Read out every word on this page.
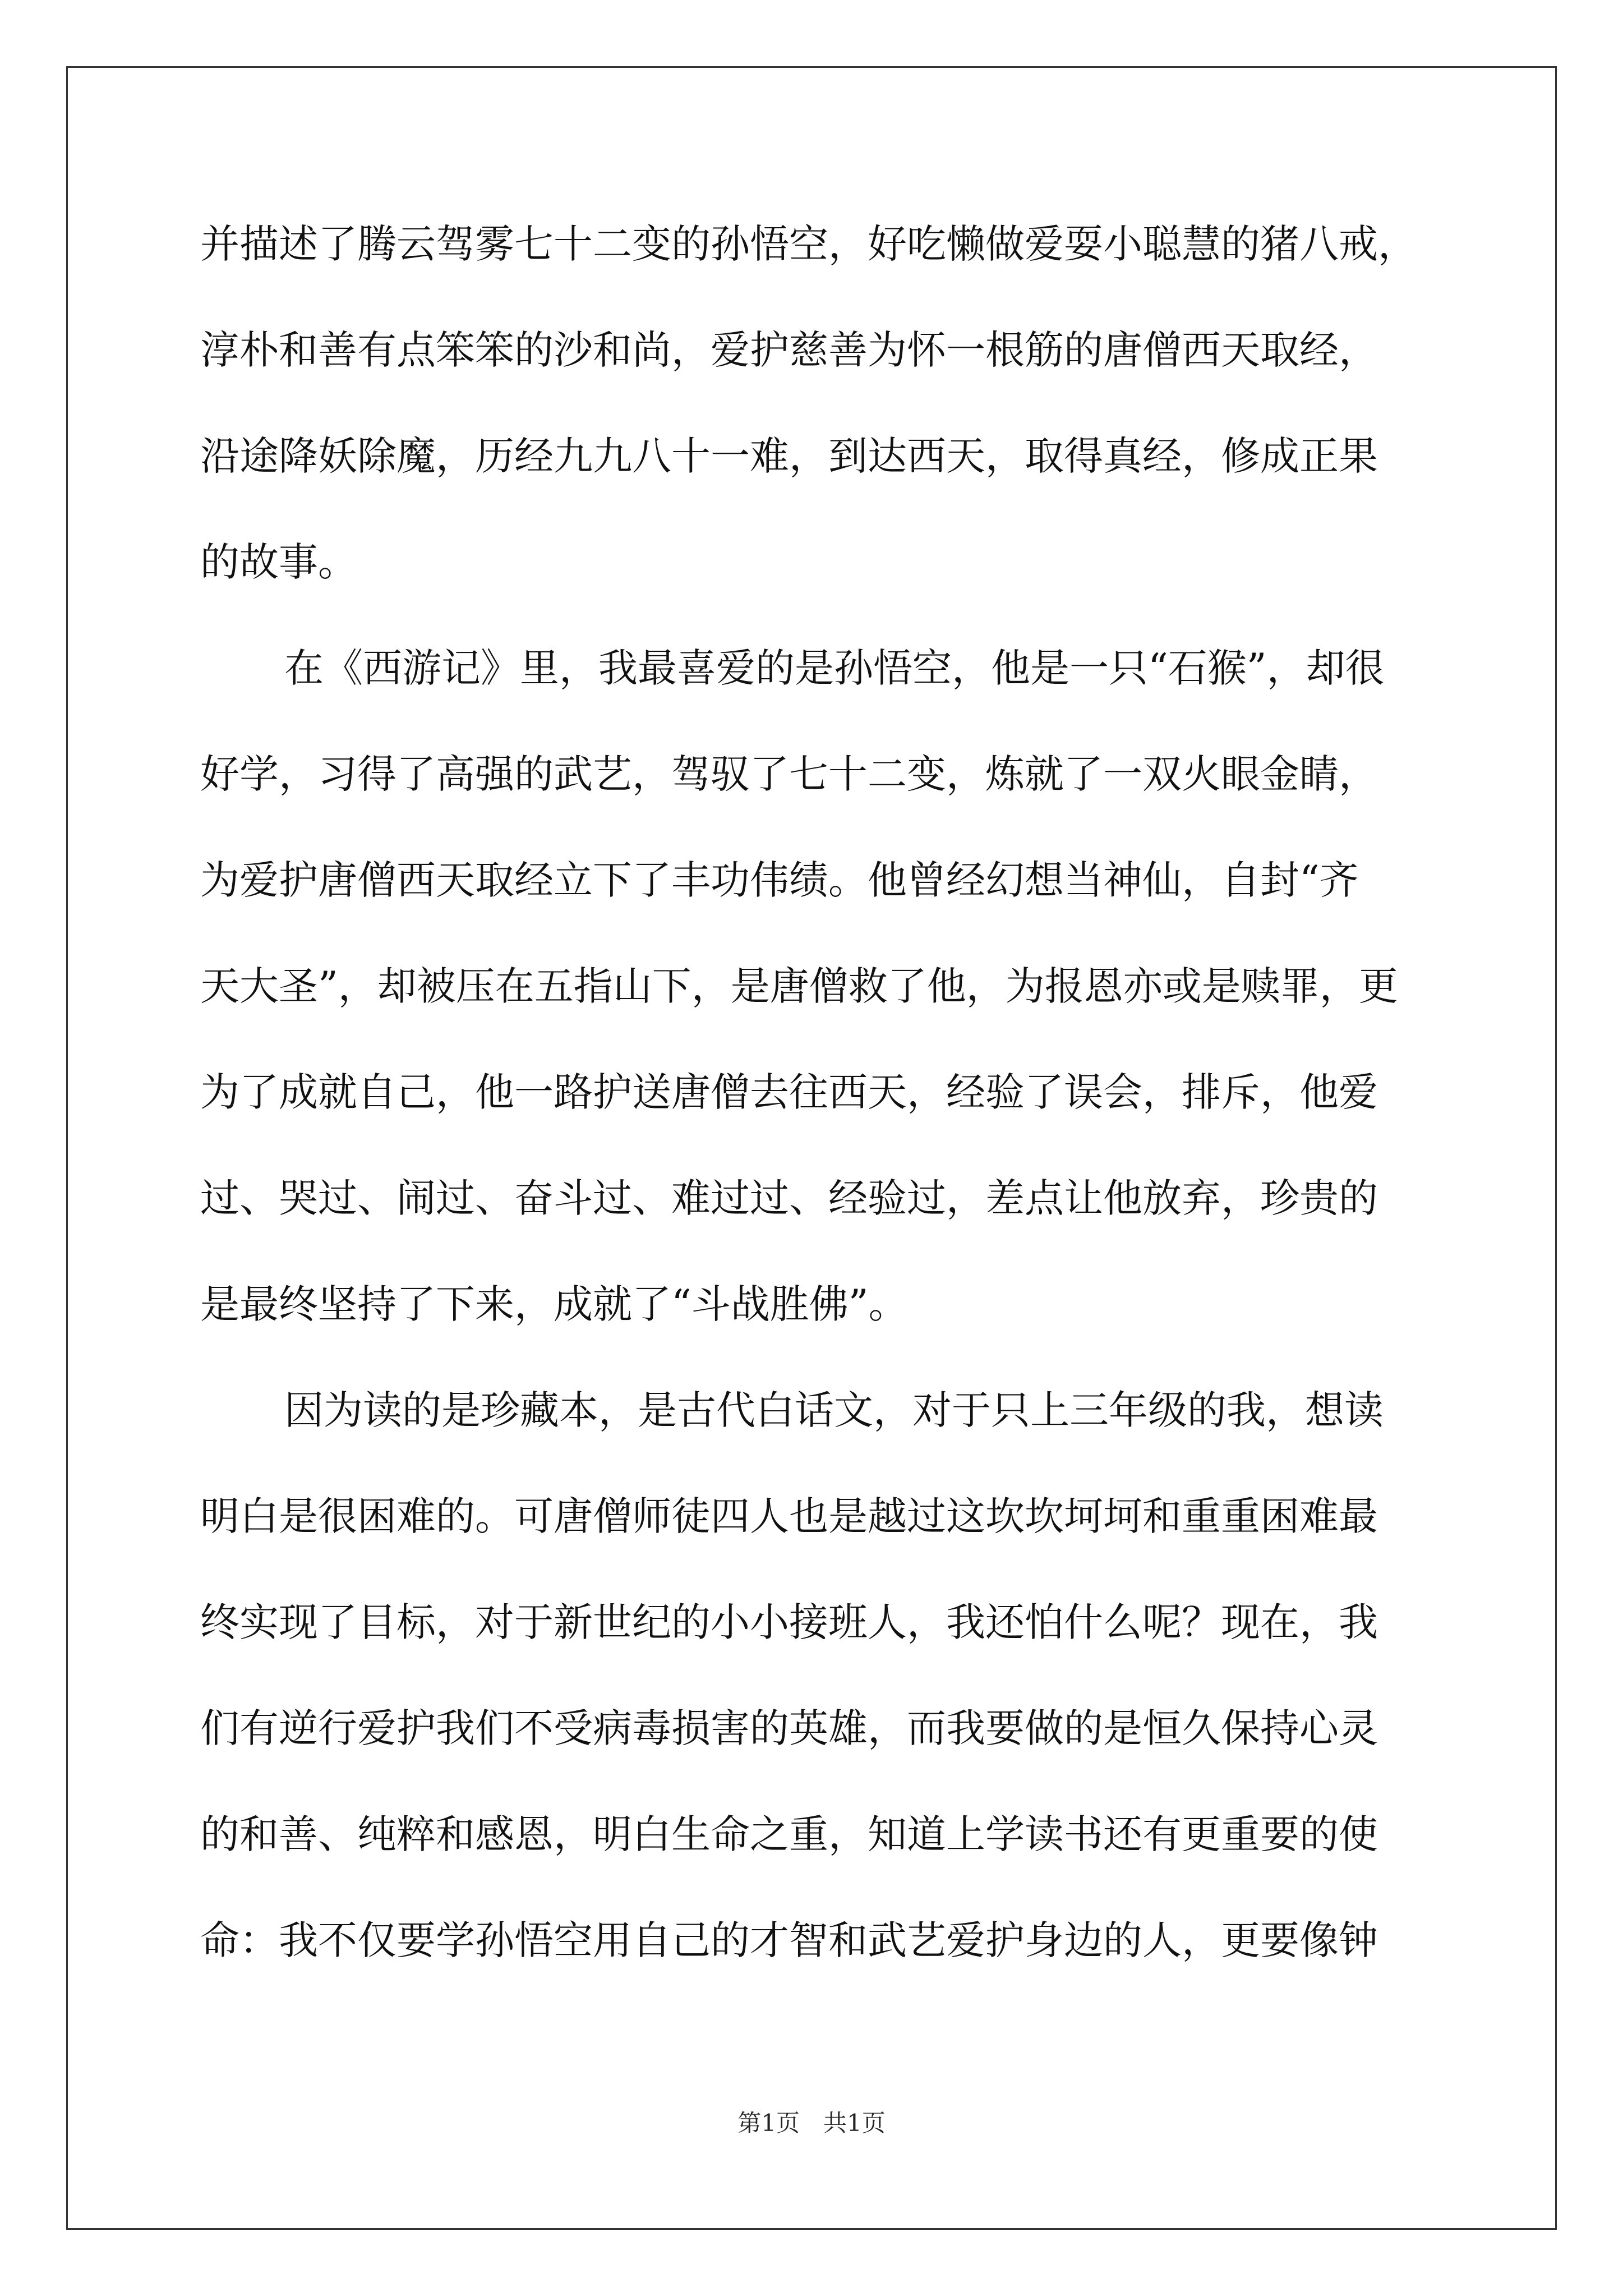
并描述了腾云驾雾七十二变的孙悟空，好吃懒做爱耍小聪慧的猪八戒，
淳朴和善有点笨笨的沙和尚，爱护慈善为怀一根筋的唐僧西天取经，
沿途降妖除魔，历经九九八十一难，到达西天，取得真经，修成正果
的故事。
在《西游记》里，我最喜爱的是孙悟空，他是一只“石猴”，却很
好学，习得了高强的武艺，驾驭了七十二变，炼就了一双火眼金睛，
为爱护唐僧西天取经立下了丰功伟绩。他曾经幻想当神仙，自封“齐
天大圣”，却被压在五指山下，是唐僧救了他，为报恩亦或是赎罪，更
为了成就自己，他一路护送唐僧去往西天，经验了误会，排斥，他爱
过、哭过、闹过、奋斗过、难过过、经验过，差点让他放弃，珍贵的
是最终坚持了下来，成就了“斗战胜佛”。
因为读的是珍藏本，是古代白话文，对于只上三年级的我，想读
明白是很困难的。可唐僧师徒四人也是越过这坎坎坷坷和重重困难最
终实现了目标，对于新世纪的小小接班人，我还怕什么呢？现在，我
们有逆行爱护我们不受病毒损害的英雄，而我要做的是恒久保持心灵
的和善、纯粹和感恩，明白生命之重，知道上学读书还有更重要的使
命：我不仅要学孙悟空用自己的才智和武艺爱护身边的人，更要像钟
第1页　共1页
